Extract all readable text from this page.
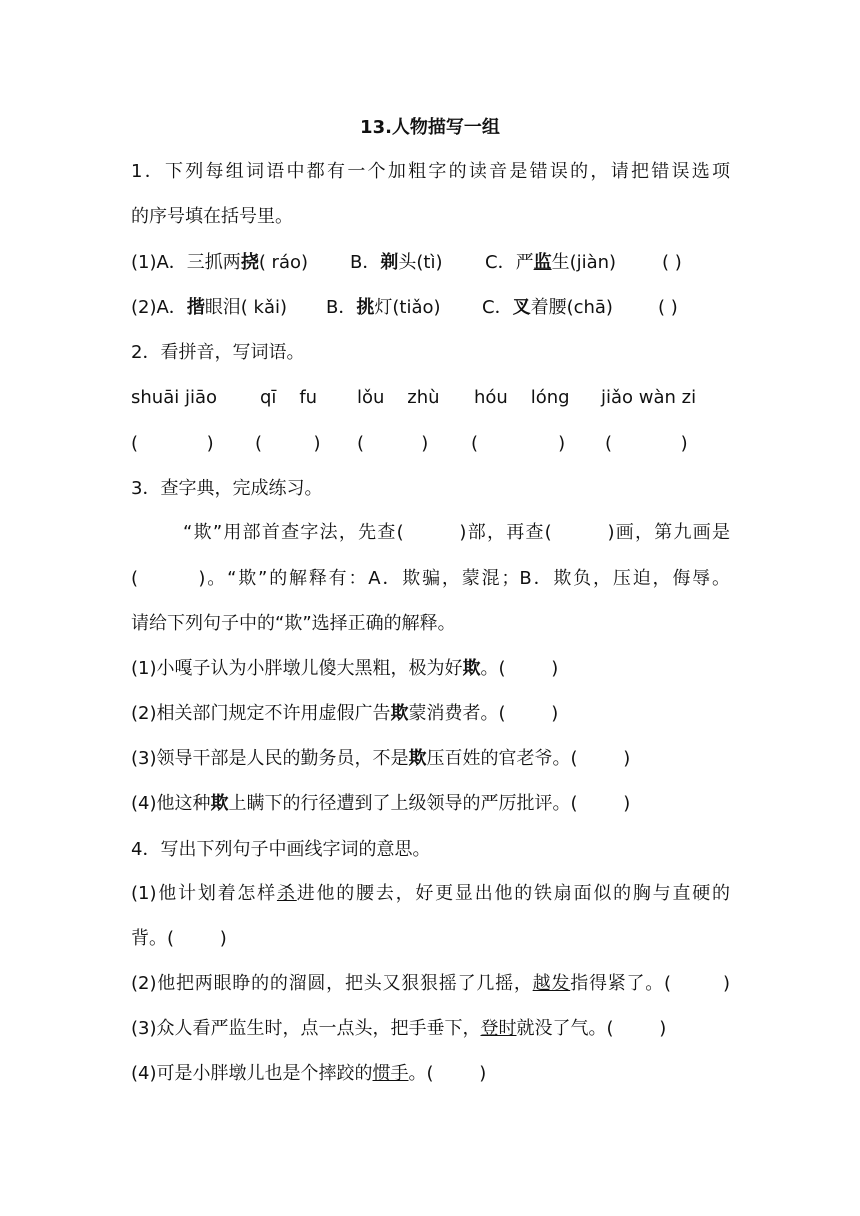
13.人物描写一组
1．下列每组词语中都有一个加粗字的读音是错误的，请把错误选项
的序号填在括号里。
(1)A．三抓两挠( ráo) B．剃头(tì) C．严监生(jiàn)	( )
(2)A．揩眼泪( kǎi) B．挑灯(tiǎo) C．叉着腰(chā)	( )
2．看拼音，写词语。
shuāi jiāo qī    fu lǒu    zhù hóu    lóng jiǎo wàn zi
(            ) (         ) (          ) (              ) (            )
3．查字典，完成练习。
“欺”用部首查字法，先查(        )部，再查(        )画，第九画是
(        )。“欺”的解释有：A．欺骗，蒙混；B．欺负，压迫，侮辱。
请给下列句子中的“欺”选择正确的解释。
(1)小嘎子认为小胖墩儿傻大黑粗，极为好欺。(        )
(2)相关部门规定不许用虚假广告欺蒙消费者。(        )
(3)领导干部是人民的勤务员，不是欺压百姓的官老爷。(        )
(4)他这种欺上瞒下的行径遭到了上级领导的严厉批评。(        )
4．写出下列句子中画线字词的意思。
(1)他计划着怎样杀进他的腰去，好更显出他的铁扇面似的胸与直硬的
背。(        )
(2)他把两眼睁的的溜圆，把头又狠狠摇了几摇，越发指得紧了。(        )
(3)众人看严监生时，点一点头，把手垂下，登时就没了气。(        )
(4)可是小胖墩儿也是个摔跤的惯手。(        )
